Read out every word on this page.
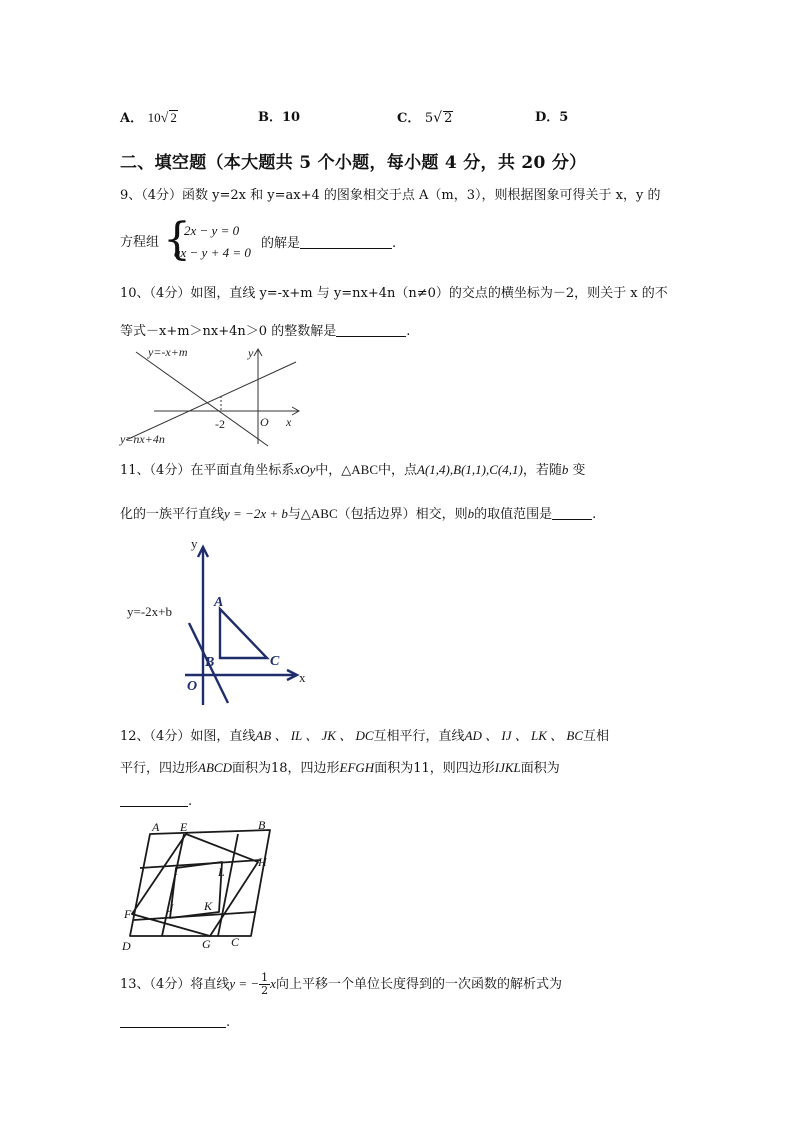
A． 10√ 2	B．10	C． 5√ 2	D．5
二、填空题（本大题共 5 个小题，每小题 4 分，共 20 分）
9、（4分）函数 y=2x 和 y=ax+4 的图象相交于点 A（m，3），则根据图象可得关于 x，y 的
方程组 {
2x − y = 0
ax − y + 4 = 0
的解是	.
10、（4分）如图，直线 y=-x+m 与 y=nx+4n（n≠0）的交点的横坐标为－2，则关于 x 的不
等式－x+m＞nx+4n＞0 的整数解是	.
y=-x+m
y=nx+4n
y
x
O
-2
11、（4分）在平面直角坐标系xOy中，△ABC中，点A(1,4),B(1,1),C(4,1)，若随b 变
化的一族平行直线y = −2x + b与△ABC（包括边界）相交，则b的取值范围是	.
y=-2x+b
y
x
O
A
B	C
12、（4分）如图，直线AB 、 IL 、 JK 、 DC互相平行，直线AD 、 IJ 、 LK 、 BC互相
平行，四边形ABCD面积为18，四边形EFGH面积为11，则四边形IJKL面积为
.
A E	B
H
I	L
F	J	K
D	G C
13、（4分）将直线y = − $\frac{1}{2}$ x向上平移一个单位长度得到的一次函数的解析式为
.
